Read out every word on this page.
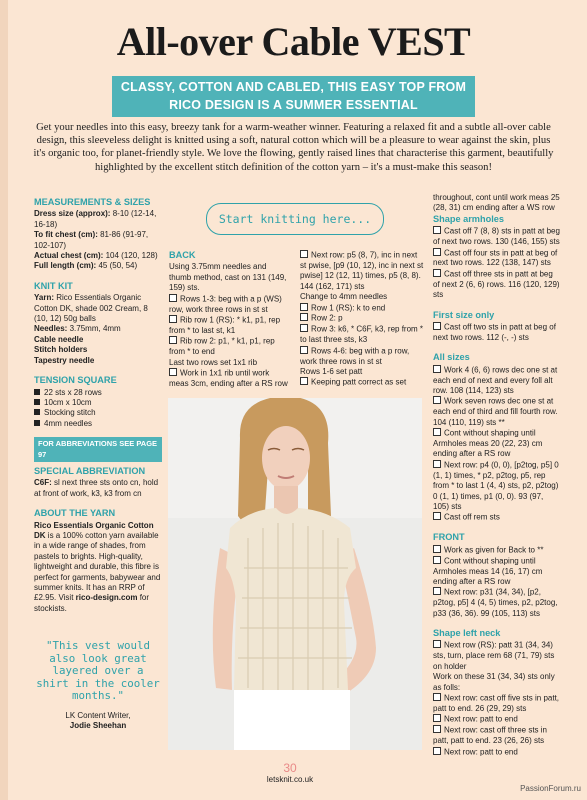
All-over Cable VEST
CLASSY, COTTON AND CABLED, THIS EASY TOP FROM
RICO DESIGN IS A SUMMER ESSENTIAL

Get your needles into this easy, breezy tank for a warm-weather winner. Featuring a relaxed fit and a subtle all-over cable design, this sleeveless delight is knitted using a soft, natural cotton which will be a pleasure to wear against the skin, plus it's organic too, for planet-friendly style. We love the flowing, gently raised lines that characterise this garment, beautifully highlighted by the excellent stitch definition of the cotton yarn – it's a must-make this season!

MEASUREMENTS & SIZES
Dress size (approx): 8-10 (12-14, 16-18)
To fit chest (cm): 81-86 (91-97, 102-107)
Actual chest (cm): 104 (120, 128)
Full length (cm): 45 (50, 54)
KNIT KIT
Yarn: Rico Essentials Organic Cotton DK, shade 002 Cream, 8 (10, 12) 50g balls
Needles: 3.75mm, 4mm
Cable needle
Stitch holders
Tapestry needle
TENSION SQUARE
22 sts x 28 rows
10cm x 10cm
Stocking stitch
4mm needles
FOR ABBREVIATIONS SEE PAGE 97
SPECIAL ABBREVIATION
C6F: sl next three sts onto cn, hold at front of work, k3, k3 from cn
ABOUT THE YARN
Rico Essentials Organic Cotton DK is a 100% cotton yarn available in a wide range of shades, from pastels to brights. High-quality, lightweight and durable, this fibre is perfect for garments, babywear and summer knits. It has an RRP of £2.95. Visit rico-design.com for stockists.
"This vest would also look great layered over a shirt in the cooler months."
LK Content Writer,
Jodie Sheehan
Start knitting here...
BACK
Using 3.75mm needles and thumb method, cast on 131 (149, 159) sts.
Rows 1-3: beg with a p (WS) row, work three rows in st st
Rib row 1 (RS): * k1, p1, rep from * to last st, k1
Rib row 2: p1, * k1, p1, rep from * to end
Last two rows set 1x1 rib
Work in 1x1 rib until work meas 3cm, ending after a RS row
Next row: p5 (8, 7), inc in next st pwise, [p9 (10, 12), inc in next st pwise] 12 (12, 11) times, p5 (8, 8). 144 (162, 171) sts
Change to 4mm needles
Row 1 (RS): k to end
Row 2: p
Row 3: k6, * C6F, k3, rep from * to last three sts, k3
Rows 4-6: beg with a p row, work three rows in st st
Rows 1-6 set patt
Keeping patt correct as set
throughout, cont until work meas 25 (28, 31) cm ending after a WS row
Shape armholes
Cast off 7 (8, 8) sts in patt at beg of next two rows. 130 (146, 155) sts
Cast off four sts in patt at beg of next two rows. 122 (138, 147) sts
Cast off three sts in patt at beg of next 2 (6, 6) rows. 116 (120, 129) sts
First size only
Cast off two sts in patt at beg of next two rows. 112 (-, -) sts
All sizes
Work 4 (6, 6) rows dec one st at each end of next and every foll alt row. 108 (114, 123) sts
Work seven rows dec one st at each end of third and fill fourth row. 104 (110, 119) sts **
Cont without shaping until Armholes meas 20 (22, 23) cm ending after a RS row
Next row: p4 (0, 0), [p2tog, p5] 0 (1, 1) times, * p2, p2tog, p5, rep from * to last 1 (4, 4) sts, p2, p2tog) 0 (1, 1) times, p1 (0, 0). 93 (97, 105) sts
Cast off rem sts
FRONT
Work as given for Back to **
Cont without shaping until Armholes meas 14 (16, 17) cm ending after a RS row
Next row: p31 (34, 34), [p2, p2tog, p5] 4 (4, 5) times, p2, p2tog, p33 (36, 36). 99 (105, 113) sts
Shape left neck
Next row (RS): patt 31 (34, 34) sts, turn, place rem 68 (71, 79) sts on holder
Work on these 31 (34, 34) sts only as folls:
Next row: cast off five sts in patt, patt to end. 26 (29, 29) sts
Next row: patt to end
Next row: cast off three sts in patt, patt to end. 23 (26, 26) sts
Next row: patt to end
30
letsknit.co.uk
PassionForum.ru
